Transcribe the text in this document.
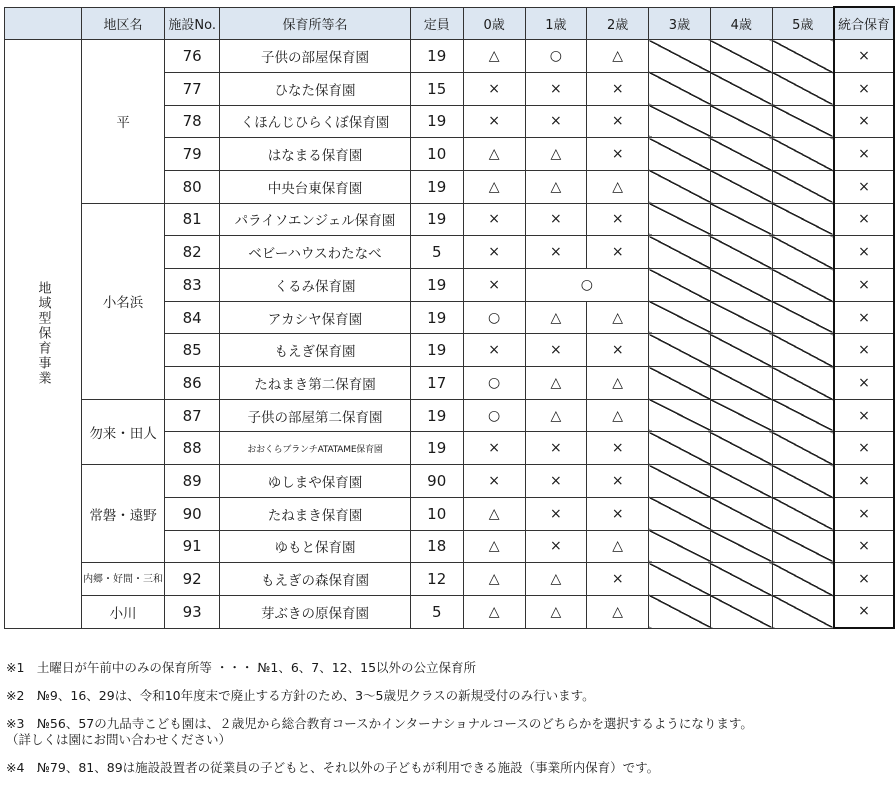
	地区名	施設No.	保育所等名	定員	0歳	1歳	2歳	3歳	4歳	5歳	統合保育

地域型保育事業	平	76	子供の部屋保育園	19	△	○	△				×
		77	ひなた保育園	15	×	×	×				×
		78	くほんじひらくぼ保育園	19	×	×	×				×
		79	はなまる保育園	10	△	△	×				×
		80	中央台東保育園	19	△	△	△				×
	小名浜	81	パライソエンジェル保育園	19	×	×	×				×
		82	ベビーハウスわたなべ	5	×	×	×				×
		83	くるみ保育園	19	×	○					×
		84	アカシヤ保育園	19	○	△	△				×
		85	もえぎ保育園	19	×	×	×				×
		86	たねまき第二保育園	17	○	△	△				×
	勿来・田人	87	子供の部屋第二保育園	19	○	△	△				×
		88	おおくらブランチATATAME保育園	19	×	×	×				×
	常磐・遠野	89	ゆしまや保育園	90	×	×	×				×
		90	たねまき保育園	10	△	×	×				×
		91	ゆもと保育園	18	△	×	△				×
	内郷・好間・三和	92	もえぎの森保育園	12	△	△	×				×
	小川	93	芽ぶきの原保育園	5	△	△	△				×

※1　土曜日が午前中のみの保育所等 ・・・ №1、6、7、12、15以外の公立保育所

※2　№9、16、29は、令和10年度末で廃止する方針のため、3～5歳児クラスの新規受付のみ行います。

※3　№56、57の九品寺こども園は、２歳児から総合教育コースかインターナショナルコースのどちらかを選択するようになります。
（詳しくは園にお問い合わせください）

※4　№79、81、89は施設設置者の従業員の子どもと、それ以外の子どもが利用できる施設（事業所内保育）です。
